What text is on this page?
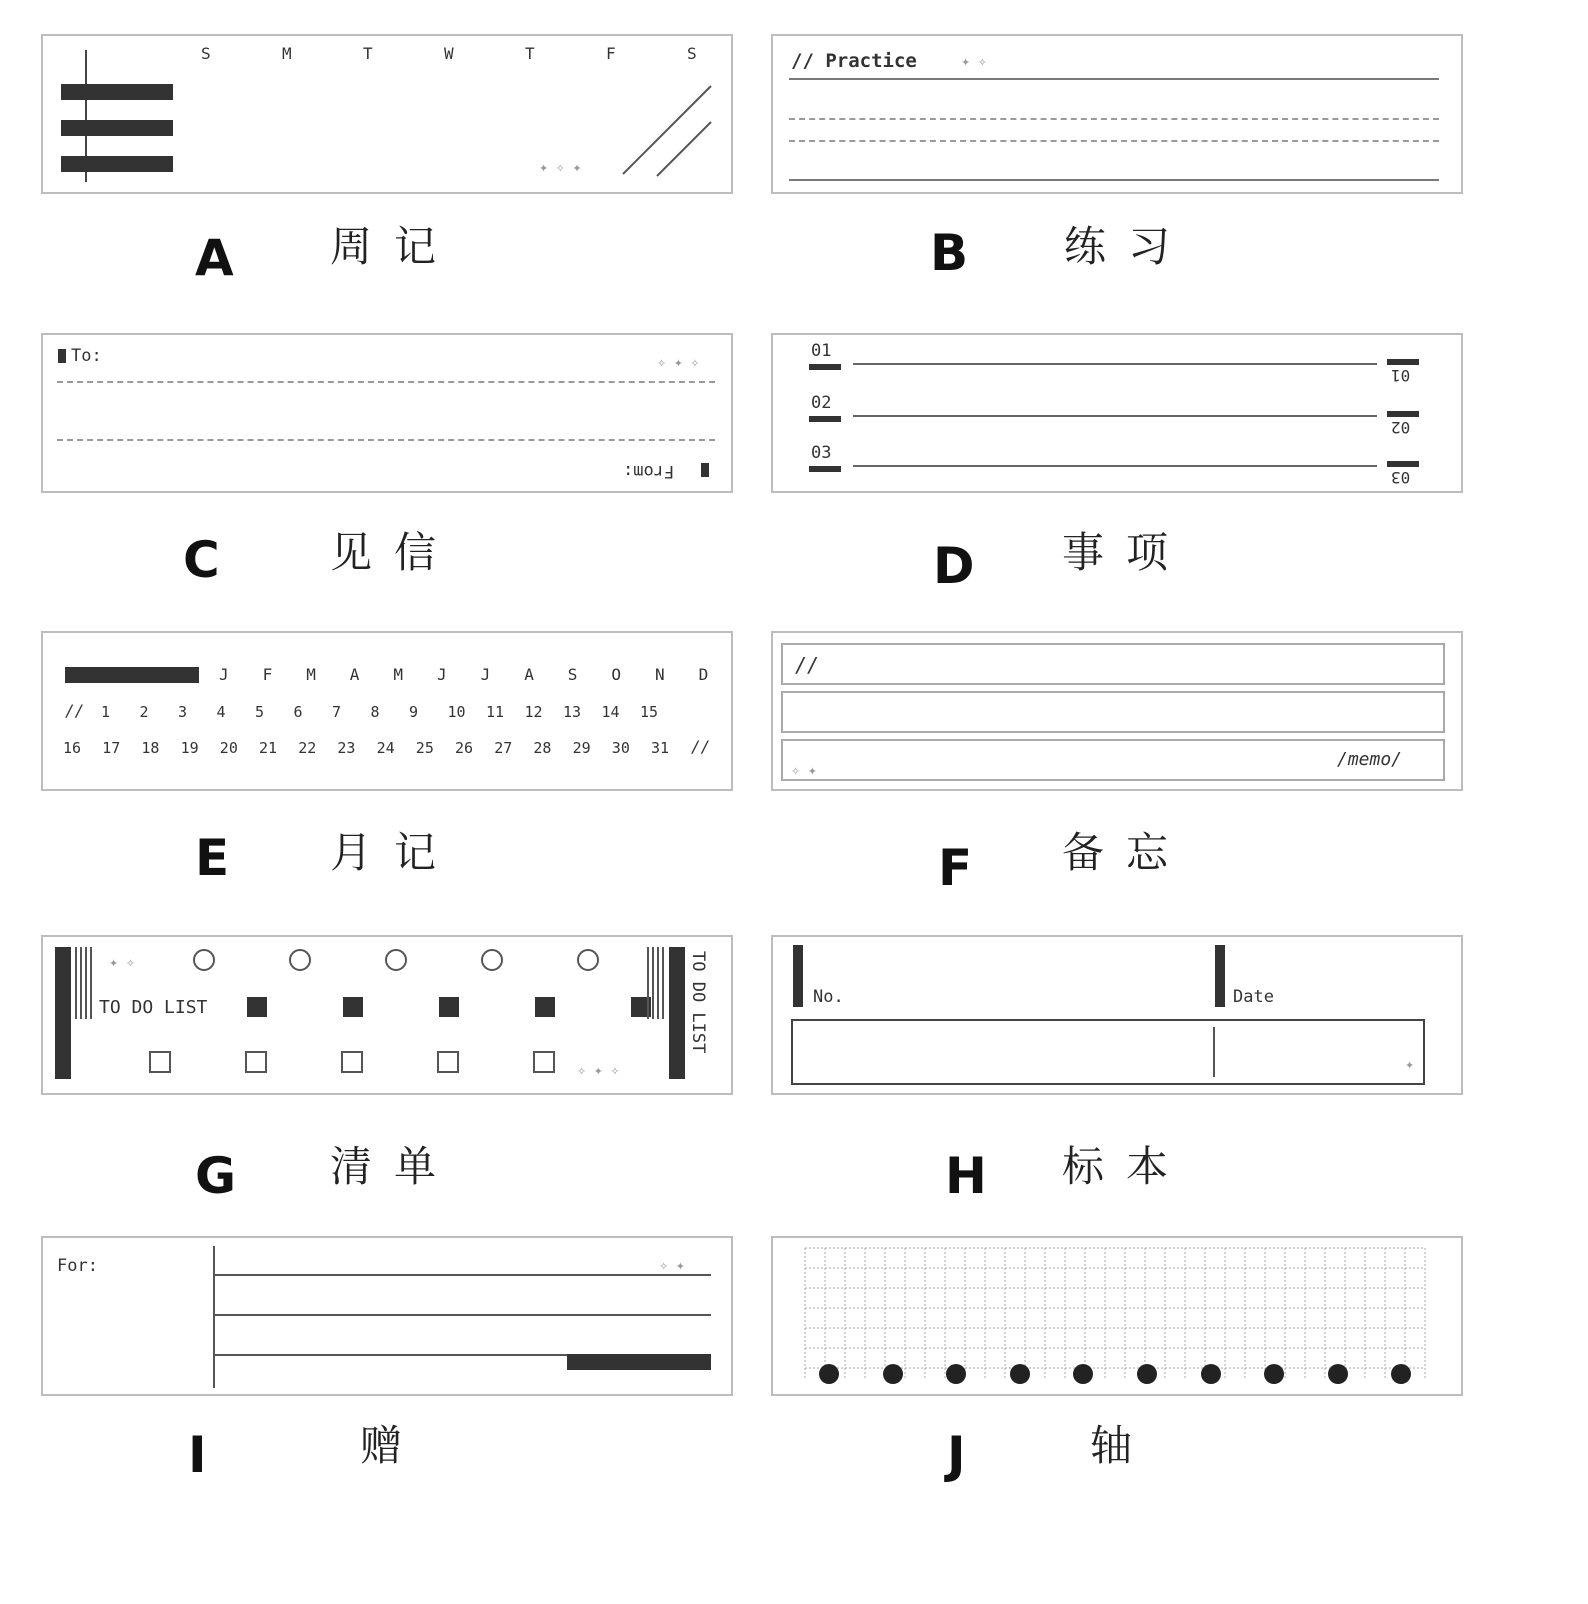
S	M	T	W	T	F	S
✦ ✧ ✦
A 周记
// Practice	✦ ✧
B 练习
To:	✧ ✦ ✧
From:
C	见信
01
01
02
02
03
03
D 事项
J F M A M J J A S O N D
// 1 2 3 4 5 6 7 8 9 10 11 12 13 14 15
16 17 18 19 20 21 22 23 24 25 26 27 28 29 30 31 //
E 月记
//
/memo/
✧ ✦
F 备忘
✦ ✧
TO DO LIST
✧ ✦ ✧
TO DO LIST
G 清单
No.	Date
✦
H 标本
For:	✧ ✦
I	赠	J	轴
